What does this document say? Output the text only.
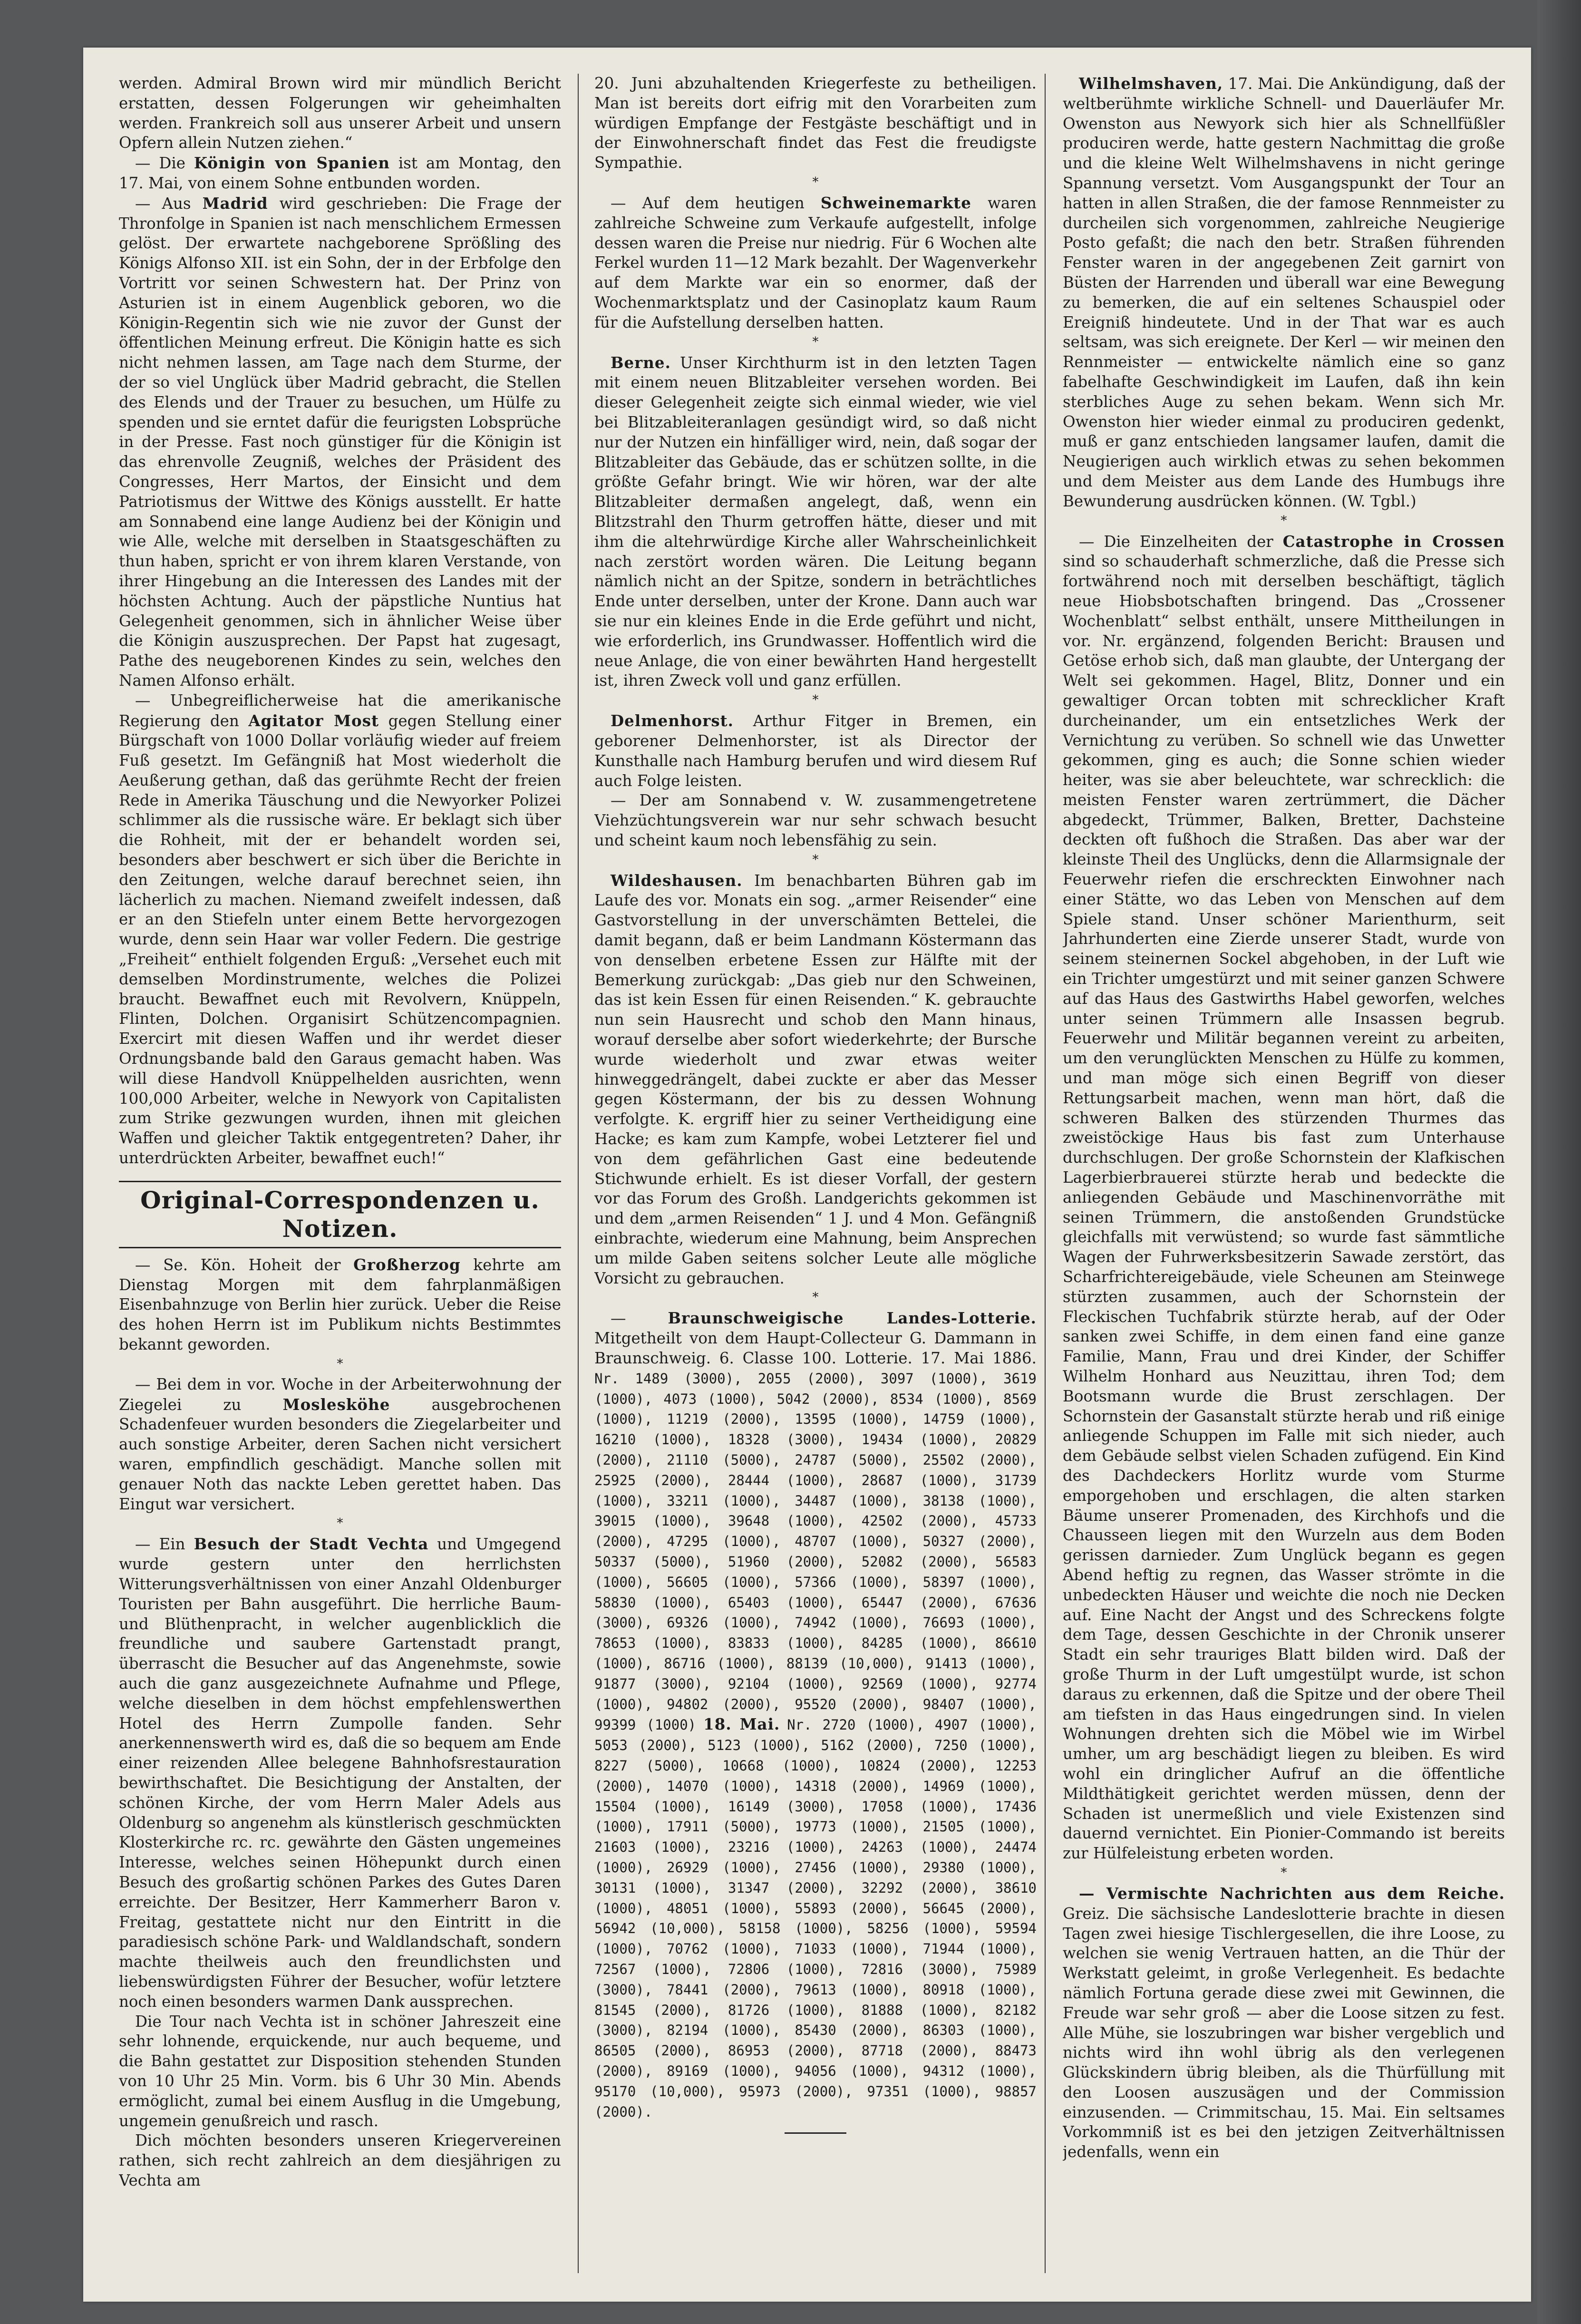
werden. Admiral Brown wird mir mündlich Bericht erstatten, dessen Folgerungen wir geheimhalten werden. Frankreich soll aus unserer Arbeit und unsern Opfern allein Nutzen ziehen.“

— Die Königin von Spanien ist am Montag, den 17. Mai, von einem Sohne entbunden worden.

— Aus Madrid wird geschrieben: Die Frage der Thronfolge in Spanien ist nach menschlichem Ermessen gelöst. Der erwartete nachgeborene Sprößling des Königs Alfonso XII. ist ein Sohn, der in der Erbfolge den Vortritt vor seinen Schwestern hat. Der Prinz von Asturien ist in einem Augenblick geboren, wo die Königin-Regentin sich wie nie zuvor der Gunst der öffentlichen Meinung erfreut. Die Königin hatte es sich nicht nehmen lassen, am Tage nach dem Sturme, der der so viel Unglück über Madrid gebracht, die Stellen des Elends und der Trauer zu besuchen, um Hülfe zu spenden und sie erntet dafür die feurigsten Lobsprüche in der Presse. Fast noch günstiger für die Königin ist das ehrenvolle Zeugniß, welches der Präsident des Congresses, Herr Martos, der Einsicht und dem Patriotismus der Wittwe des Königs ausstellt. Er hatte am Sonnabend eine lange Audienz bei der Königin und wie Alle, welche mit derselben in Staatsgeschäften zu thun haben, spricht er von ihrem klaren Verstande, von ihrer Hingebung an die Interessen des Landes mit der höchsten Achtung. Auch der päpstliche Nuntius hat Gelegenheit genommen, sich in ähnlicher Weise über die Königin auszusprechen. Der Papst hat zugesagt, Pathe des neugeborenen Kindes zu sein, welches den Namen Alfonso erhält.

— Unbegreiflicherweise hat die amerikanische Regierung den Agitator Most gegen Stellung einer Bürgschaft von 1000 Dollar vorläufig wieder auf freiem Fuß gesetzt. Im Gefängniß hat Most wiederholt die Aeußerung gethan, daß das gerühmte Recht der freien Rede in Amerika Täuschung und die Newyorker Polizei schlimmer als die russische wäre. Er beklagt sich über die Rohheit, mit der er behandelt worden sei, besonders aber beschwert er sich über die Berichte in den Zeitungen, welche darauf berechnet seien, ihn lächerlich zu machen. Niemand zweifelt indessen, daß er an den Stiefeln unter einem Bette hervorgezogen wurde, denn sein Haar war voller Federn. Die gestrige „Freiheit“ enthielt folgenden Erguß: „Versehet euch mit demselben Mordinstrumente, welches die Polizei braucht. Bewaffnet euch mit Revolvern, Knüppeln, Flinten, Dolchen. Organisirt Schützencompagnien. Exercirt mit diesen Waffen und ihr werdet dieser Ordnungsbande bald den Garaus gemacht haben. Was will diese Handvoll Knüppelhelden ausrichten, wenn 100,000 Arbeiter, welche in Newyork von Capitalisten zum Strike gezwungen wurden, ihnen mit gleichen Waffen und gleicher Taktik entgegentreten? Daher, ihr unterdrückten Arbeiter, bewaffnet euch!“

Original-Correspondenzen u. Notizen.

— Se. Kön. Hoheit der Großherzog kehrte am Dienstag Morgen mit dem fahrplanmäßigen Eisenbahnzuge von Berlin hier zurück. Ueber die Reise des hohen Herrn ist im Publikum nichts Bestimmtes bekannt geworden.

*

— Bei dem in vor. Woche in der Arbeiterwohnung der Ziegelei zu	Moslesköhe	ausgebrochenen Schadenfeuer wurden besonders die Ziegelarbeiter und auch sonstige Arbeiter, deren Sachen nicht versichert waren, empfindlich geschädigt. Manche sollen mit genauer Noth das nackte Leben gerettet haben. Das Eingut war versichert.

*

— Ein Besuch der Stadt Vechta und Umgegend wurde gestern unter den herrlichsten Witterungsverhältnissen von einer Anzahl Oldenburger Touristen per Bahn ausgeführt. Die herrliche Baum- und Blüthenpracht, in welcher augenblicklich die freundliche und saubere Gartenstadt prangt, überrascht die Besucher auf das Angenehmste, sowie auch die ganz ausgezeichnete Aufnahme und Pflege, welche dieselben in dem höchst empfehlenswerthen Hotel des Herrn Zumpolle fanden. Sehr anerkennenswerth wird es, daß die so bequem am Ende einer reizenden Allee belegene Bahnhofsrestauration bewirthschaftet. Die Besichtigung der Anstalten, der schönen Kirche, der vom Herrn Maler Adels aus Oldenburg so angenehm als künstlerisch geschmückten Klosterkirche rc. rc. gewährte den Gästen ungemeines Interesse, welches seinen Höhepunkt durch einen Besuch des großartig schönen Parkes des Gutes Daren erreichte. Der Besitzer, Herr Kammerherr Baron v. Freitag, gestattete nicht nur den Eintritt in die paradiesisch schöne Park- und Waldlandschaft, sondern machte theilweis auch den freundlichsten und liebenswürdigsten Führer der Besucher, wofür letztere noch einen besonders warmen Dank aussprechen.

Die Tour nach Vechta ist in schöner Jahreszeit eine sehr lohnende, erquickende, nur auch bequeme, und die Bahn gestattet zur Disposition stehenden Stunden von 10 Uhr 25 Min. Vorm. bis 6 Uhr 30 Min. Abends ermöglicht, zumal bei einem Ausflug in die Umgebung, ungemein genußreich und rasch.

Dich möchten besonders unseren Kriegervereinen rathen, sich recht zahlreich an dem diesjährigen zu Vechta am

20. Juni abzuhaltenden Kriegerfeste zu betheiligen. Man ist bereits dort eifrig mit den Vorarbeiten zum würdigen Empfange der Festgäste beschäftigt und in der Einwohnerschaft findet das Fest die freudigste Sympathie.

*

— Auf dem heutigen Schweinemarkte waren zahlreiche Schweine zum Verkaufe aufgestellt, infolge dessen waren die Preise nur niedrig. Für 6 Wochen alte Ferkel wurden 11—12 Mark bezahlt. Der Wagenverkehr auf dem Markte war ein so enormer, daß der Wochenmarktsplatz und der Casinoplatz kaum Raum für die Aufstellung derselben hatten.

*

Berne. Unser Kirchthurm ist in den letzten Tagen mit einem neuen Blitzableiter versehen worden. Bei dieser Gelegenheit zeigte sich einmal wieder, wie viel bei Blitzableiteranlagen gesündigt wird, so daß nicht nur der Nutzen ein hinfälliger wird, nein, daß sogar der Blitzableiter das Gebäude, das er schützen sollte, in die größte Gefahr bringt. Wie wir hören, war der alte Blitzableiter dermaßen angelegt, daß, wenn ein Blitzstrahl den Thurm getroffen hätte, dieser und mit ihm die altehrwürdige Kirche aller Wahrscheinlichkeit nach zerstört worden wären. Die Leitung begann nämlich nicht an der Spitze, sondern in beträchtliches Ende unter derselben, unter der Krone. Dann auch war sie nur ein kleines Ende in die Erde geführt und nicht, wie erforderlich, ins Grundwasser. Hoffentlich wird die neue Anlage, die von einer bewährten Hand hergestellt ist, ihren Zweck voll und ganz erfüllen.

*

Delmenhorst. Arthur Fitger in Bremen, ein geborener Delmenhorster, ist als Director der Kunsthalle nach Hamburg berufen und wird diesem Ruf auch Folge leisten.

— Der am Sonnabend v. W. zusammengetretene Viehzüchtungsverein war nur sehr schwach besucht und scheint kaum noch lebensfähig zu sein.

*

Wildeshausen. Im benachbarten Bühren gab im Laufe des vor. Monats ein sog. „armer Reisender“ eine Gastvorstellung in der unverschämten Bettelei, die damit begann, daß er beim Landmann Köstermann das von denselben erbetene Essen zur Hälfte mit der Bemerkung zurückgab: „Das gieb nur den Schweinen, das ist kein Essen für einen Reisenden.“ K. gebrauchte nun sein Hausrecht und schob den Mann hinaus, worauf derselbe aber sofort wiederkehrte; der Bursche wurde wiederholt und zwar etwas weiter hinweggedrängelt, dabei zuckte er aber das Messer gegen Köstermann, der bis zu dessen Wohnung verfolgte. K. ergriff hier zu seiner Vertheidigung eine Hacke; es kam zum Kampfe, wobei Letzterer fiel und von dem gefährlichen Gast eine bedeutende Stichwunde erhielt. Es ist dieser Vorfall, der gestern vor das Forum des Großh. Landgerichts gekommen ist und dem „armen Reisenden“ 1 J. und 4 Mon. Gefängniß einbrachte, wiederum eine Mahnung, beim Ansprechen um milde Gaben seitens solcher Leute alle mögliche Vorsicht zu gebrauchen.

*

— Braunschweigische Landes-Lotterie. Mitgetheilt von dem Haupt-Collecteur G. Dammann in Braunschweig. 6. Classe 100. Lotterie. 17. Mai 1886. Nr. 1489 (3000), 2055 (2000), 3097 (1000), 3619 (1000), 4073 (1000), 5042 (2000), 8534 (1000), 8569 (1000), 11219 (2000), 13595 (1000), 14759 (1000), 16210 (1000), 18328 (3000), 19434 (1000), 20829 (2000), 21110 (5000), 24787 (5000), 25502 (2000), 25925 (2000), 28444 (1000), 28687 (1000), 31739 (1000), 33211 (1000), 34487 (1000), 38138 (1000), 39015 (1000), 39648 (1000), 42502 (2000), 45733 (2000), 47295 (1000), 48707 (1000), 50327 (2000), 50337 (5000), 51960 (2000), 52082 (2000), 56583 (1000), 56605 (1000), 57366 (1000), 58397 (1000), 58830 (1000), 65403 (1000), 65447 (2000), 67636 (3000), 69326 (1000), 74942 (1000), 76693 (1000), 78653 (1000), 83833 (1000), 84285 (1000), 86610 (1000), 86716 (1000), 88139 (10,000), 91413 (1000), 91877 (3000), 92104 (1000), 92569 (1000), 92774 (1000), 94802 (2000), 95520 (2000), 98407 (1000), 99399 (1000) 18. Mai. Nr. 2720 (1000), 4907 (1000), 5053 (2000), 5123 (1000), 5162 (2000), 7250 (1000), 8227 (5000), 10668 (1000), 10824 (2000), 12253 (2000), 14070 (1000), 14318 (2000), 14969 (1000), 15504 (1000), 16149 (3000), 17058 (1000), 17436 (1000), 17911 (5000), 19773 (1000), 21505 (1000), 21603 (1000), 23216 (1000), 24263 (1000), 24474 (1000), 26929 (1000), 27456 (1000), 29380 (1000), 30131 (1000), 31347 (2000), 32292 (2000), 38610 (1000), 48051 (1000), 55893 (2000), 56645 (2000), 56942 (10,000), 58158 (1000), 58256 (1000), 59594 (1000), 70762 (1000), 71033 (1000), 71944 (1000), 72567 (1000), 72806 (1000), 72816 (3000), 75989 (3000), 78441 (2000), 79613 (1000), 80918 (1000), 81545 (2000), 81726 (1000), 81888 (1000), 82182 (3000), 82194 (1000), 85430 (2000), 86303 (1000), 86505 (2000), 86953 (2000), 87718 (2000), 88473 (2000), 89169 (1000), 94056 (1000), 94312 (1000), 95170 (10,000), 95973 (2000), 97351 (1000), 98857 (2000).

Wilhelmshaven, 17. Mai. Die Ankündigung, daß der weltberühmte wirkliche Schnell- und Dauerläufer Mr. Owenston aus Newyork sich hier als Schnellfüßler produciren werde, hatte gestern Nachmittag die große und die kleine Welt Wilhelmshavens in nicht geringe Spannung versetzt. Vom Ausgangspunkt der Tour an hatten in allen Straßen, die der famose Rennmeister zu durcheilen sich vorgenommen, zahlreiche Neugierige Posto gefaßt; die nach den betr. Straßen führenden Fenster waren in der angegebenen Zeit garnirt von Büsten der Harrenden und überall war eine Bewegung zu bemerken, die auf ein seltenes Schauspiel oder Ereigniß hindeutete. Und in der That war es auch seltsam, was sich ereignete. Der Kerl — wir meinen den Rennmeister — entwickelte nämlich eine so ganz fabelhafte Geschwindigkeit im Laufen, daß ihn kein sterbliches Auge zu sehen bekam. Wenn sich Mr. Owenston hier wieder einmal zu produciren gedenkt, muß er ganz entschieden langsamer laufen, damit die Neugierigen auch wirklich etwas zu sehen bekommen und dem Meister aus dem Lande des Humbugs ihre Bewunderung ausdrücken können. (W. Tgbl.)

*

— Die Einzelheiten der Catastrophe in Crossen sind so schauderhaft schmerzliche, daß die Presse sich fortwährend noch mit derselben beschäftigt, täglich neue Hiobsbotschaften bringend. Das „Crossener Wochenblatt“ selbst enthält, unsere Mittheilungen in vor. Nr. ergänzend, folgenden Bericht: Brausen und Getöse erhob sich, daß man glaubte, der Untergang der Welt sei gekommen. Hagel, Blitz, Donner und ein gewaltiger Orcan tobten mit schrecklicher Kraft durcheinander, um ein entsetzliches Werk der Vernichtung zu verüben. So schnell wie das Unwetter gekommen, ging es auch; die Sonne schien wieder heiter, was sie aber beleuchtete, war schrecklich: die meisten Fenster waren zertrümmert, die Dächer abgedeckt, Trümmer, Balken, Bretter, Dachsteine deckten oft fußhoch die Straßen. Das aber war der kleinste Theil des Unglücks, denn die Allarmsignale der Feuerwehr riefen die erschreckten Einwohner nach einer Stätte, wo das Leben von Menschen auf dem Spiele stand. Unser schöner Marienthurm, seit Jahrhunderten eine Zierde unserer Stadt, wurde von seinem steinernen Sockel abgehoben, in der Luft wie ein Trichter umgestürzt und mit seiner ganzen Schwere auf das Haus des Gastwirths Habel geworfen, welches unter seinen Trümmern alle Insassen begrub. Feuerwehr und Militär begannen vereint zu arbeiten, um den verunglückten Menschen zu Hülfe zu kommen, und man möge sich einen Begriff von dieser Rettungsarbeit machen, wenn man hört, daß die schweren Balken des stürzenden Thurmes das zweistöckige Haus bis fast zum Unterhause durchschlugen. Der große Schornstein der Klafkischen Lagerbierbrauerei stürzte herab und bedeckte die anliegenden Gebäude und Maschinenvorräthe mit seinen Trümmern, die anstoßenden Grundstücke gleichfalls mit verwüstend; so wurde fast sämmtliche Wagen der Fuhrwerksbesitzerin Sawade zerstört, das Scharfrichtereigebäude, viele Scheunen am Steinwege stürzten zusammen, auch der Schornstein der Fleckischen Tuchfabrik stürzte herab, auf der Oder sanken zwei Schiffe, in dem einen fand eine ganze Familie, Mann, Frau und drei Kinder, der Schiffer Wilhelm Honhard aus Neuzittau, ihren Tod; dem Bootsmann wurde die Brust zerschlagen. Der Schornstein der Gasanstalt stürzte herab und riß einige anliegende Schuppen im Falle mit sich nieder, auch dem Gebäude selbst vielen Schaden zufügend. Ein Kind des Dachdeckers Horlitz wurde vom Sturme emporgehoben und erschlagen, die alten starken Bäume unserer Promenaden, des Kirchhofs und die Chausseen liegen mit den Wurzeln aus dem Boden gerissen darnieder. Zum Unglück begann es gegen Abend heftig zu regnen, das Wasser strömte in die unbedeckten Häuser und weichte die noch nie Decken auf. Eine Nacht der Angst und des Schreckens folgte dem Tage, dessen Geschichte in der Chronik unserer Stadt ein sehr trauriges Blatt bilden wird. Daß der große Thurm in der Luft umgestülpt wurde, ist schon daraus zu erkennen, daß die Spitze und der obere Theil am tiefsten in das Haus eingedrungen sind. In vielen Wohnungen drehten sich die Möbel wie im Wirbel umher, um arg beschädigt liegen zu bleiben. Es wird wohl ein dringlicher Aufruf an die öffentliche Mildthätigkeit gerichtet werden müssen, denn der Schaden ist unermeßlich und viele Existenzen sind dauernd vernichtet. Ein Pionier-Commando ist bereits zur Hülfeleistung erbeten worden.

*

— Vermischte Nachrichten aus dem Reiche. Greiz. Die sächsische Landeslotterie brachte in diesen Tagen zwei hiesige Tischlergesellen, die ihre Loose, zu welchen sie wenig Vertrauen hatten, an die Thür der Werkstatt geleimt, in große Verlegenheit. Es bedachte nämlich Fortuna gerade diese zwei mit Gewinnen, die Freude war sehr groß — aber die Loose sitzen zu fest. Alle Mühe, sie loszubringen war bisher vergeblich und nichts wird ihn wohl übrig als den verlegenen Glückskindern übrig bleiben, als die Thürfüllung mit den Loosen auszusägen und der Commission einzusenden. — Crimmitschau, 15. Mai. Ein seltsames Vorkommniß ist es bei den jetzigen Zeitverhältnissen jedenfalls, wenn ein
